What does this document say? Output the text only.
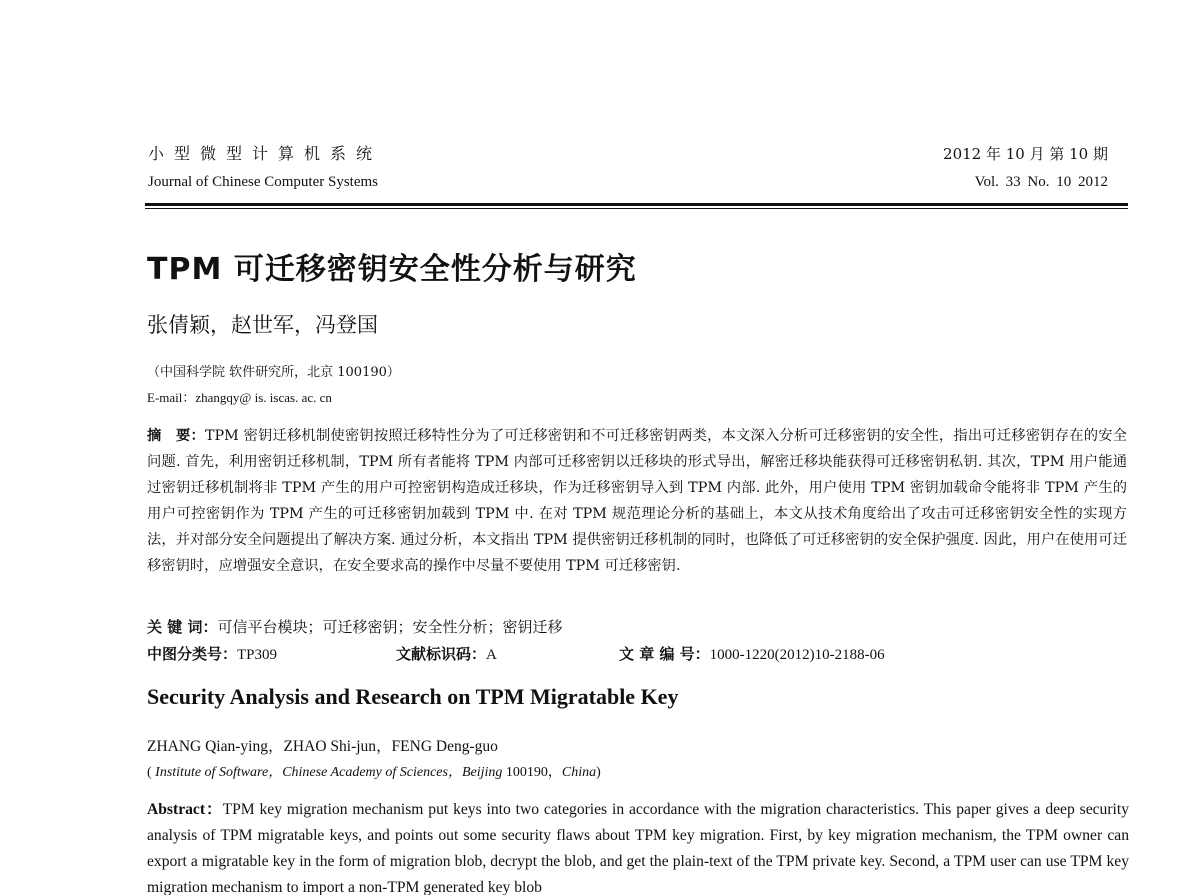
小型微型计算机系统
Journal of Chinese Computer Systems
2012 年 10 月 第 10 期
Vol. 33 No. 10 2012
TPM 可迁移密钥安全性分析与研究
张倩颖，赵世军，冯登国
（中国科学院 软件研究所，北京 100190）
E-mail：zhangqy@ is. iscas. ac. cn
摘　要：TPM 密钥迁移机制使密钥按照迁移特性分为了可迁移密钥和不可迁移密钥两类，本文深入分析可迁移密钥的安全性，指出可迁移密钥存在的安全问题. 首先，利用密钥迁移机制，TPM 所有者能将 TPM 内部可迁移密钥以迁移块的形式导出，解密迁移块能获得可迁移密钥私钥. 其次，TPM 用户能通过密钥迁移机制将非 TPM 产生的用户可控密钥构造成迁移块，作为迁移密钥导入到 TPM 内部. 此外，用户使用 TPM 密钥加载命令能将非 TPM 产生的用户可控密钥作为 TPM 产生的可迁移密钥加载到 TPM 中. 在对 TPM 规范理论分析的基础上，本文从技术角度给出了攻击可迁移密钥安全性的实现方法，并对部分安全问题提出了解决方案. 通过分析，本文指出 TPM 提供密钥迁移机制的同时，也降低了可迁移密钥的安全保护强度. 因此，用户在使用可迁移密钥时，应增强安全意识，在安全要求高的操作中尽量不要使用 TPM 可迁移密钥.
关 键 词：可信平台模块；可迁移密钥；安全性分析；密钥迁移
中图分类号：TP309	文献标识码：A	文 章 编 号：1000-1220(2012)10-2188-06
Security Analysis and Research on TPM Migratable Key
ZHANG Qian-ying，ZHAO Shi-jun，FENG Deng-guo
( Institute of Software，Chinese Academy of Sciences，Beijing 100190，China)
Abstract：TPM key migration mechanism put keys into two categories in accordance with the migration characteristics. This paper gives a deep security analysis of TPM migratable keys, and points out some security flaws about TPM key migration. First, by key migration mechanism, the TPM owner can export a migratable key in the form of migration blob, decrypt the blob, and get the plain-text of the TPM private key. Second, a TPM user can use TPM key migration mechanism to import a non-TPM generated key blob
